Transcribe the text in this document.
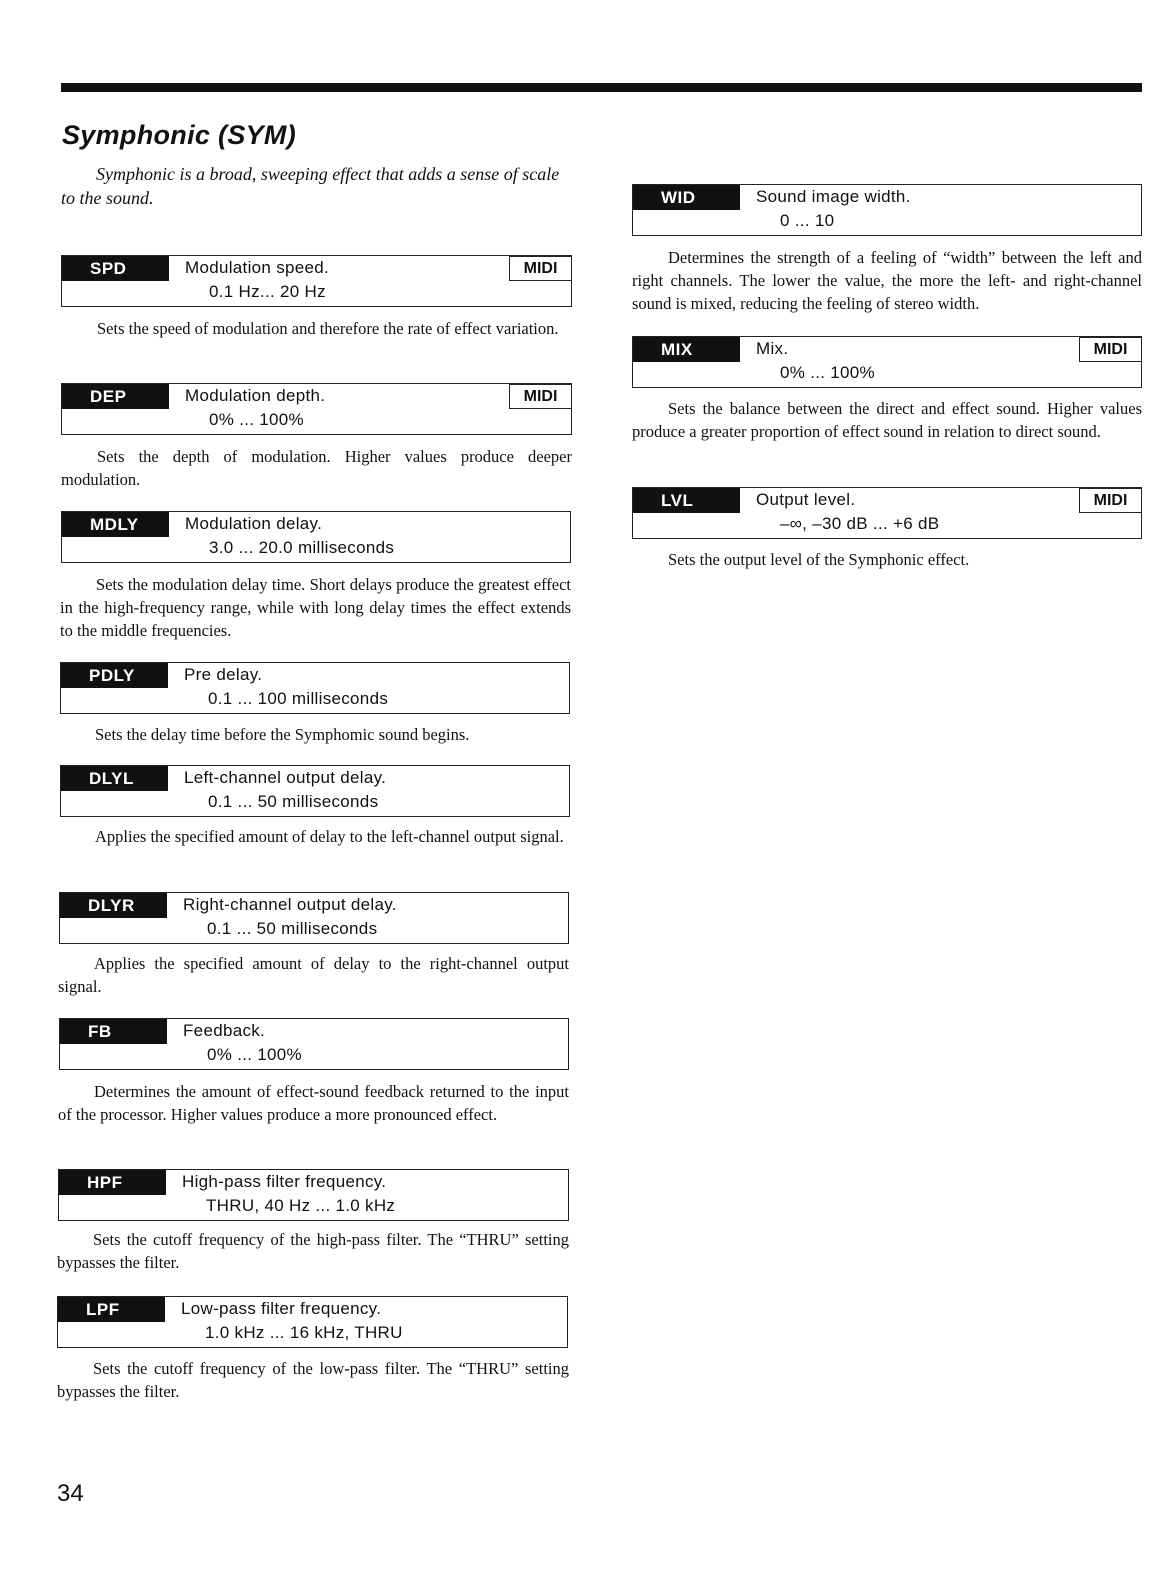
Symphonic (SYM)

Symphonic is a broad, sweeping effect that adds a sense of scale to the sound.

SPD	Modulation speed.
0.1 Hz... 20 Hz
MIDI

Sets the speed of modulation and therefore the rate of effect variation.

DEP	Modulation depth.
0% ... 100%
MIDI

Sets the depth of modulation. Higher values produce deeper modulation.

MDLY	Modulation delay.
3.0 ... 20.0 milliseconds

Sets the modulation delay time. Short delays produce the greatest effect in the high-frequency range, while with long delay times the effect extends to the middle frequencies.

PDLY	Pre delay.
0.1 ... 100 milliseconds

Sets the delay time before the Symphomic sound begins.

DLYL	Left-channel output delay.
0.1 ... 50 milliseconds

Applies the specified amount of delay to the left-channel output signal.

DLYR	Right-channel output delay.
0.1 ... 50 milliseconds

Applies the specified amount of delay to the right-channel output signal.

FB	Feedback.
0% ... 100%

Determines the amount of effect-sound feedback returned to the input of the processor. Higher values produce a more pronounced effect.

HPF	High-pass filter frequency.
THRU, 40 Hz ... 1.0 kHz

Sets the cutoff frequency of the high-pass filter. The “THRU” setting bypasses the filter.

LPF	Low-pass filter frequency.
1.0 kHz ... 16 kHz, THRU

Sets the cutoff frequency of the low-pass filter. The “THRU” setting bypasses the filter.

WID	Sound image width.
0 ... 10

Determines the strength of a feeling of “width” between the left and right channels. The lower the value, the more the left- and right-channel sound is mixed, reducing the feeling of stereo width.

MIX	Mix.
0% ... 100%
MIDI

Sets the balance between the direct and effect sound. Higher values produce a greater proportion of effect sound in relation to direct sound.

LVL	Output level.
–∞, –30 dB ... +6 dB
MIDI

Sets the output level of the Symphonic effect.

34
